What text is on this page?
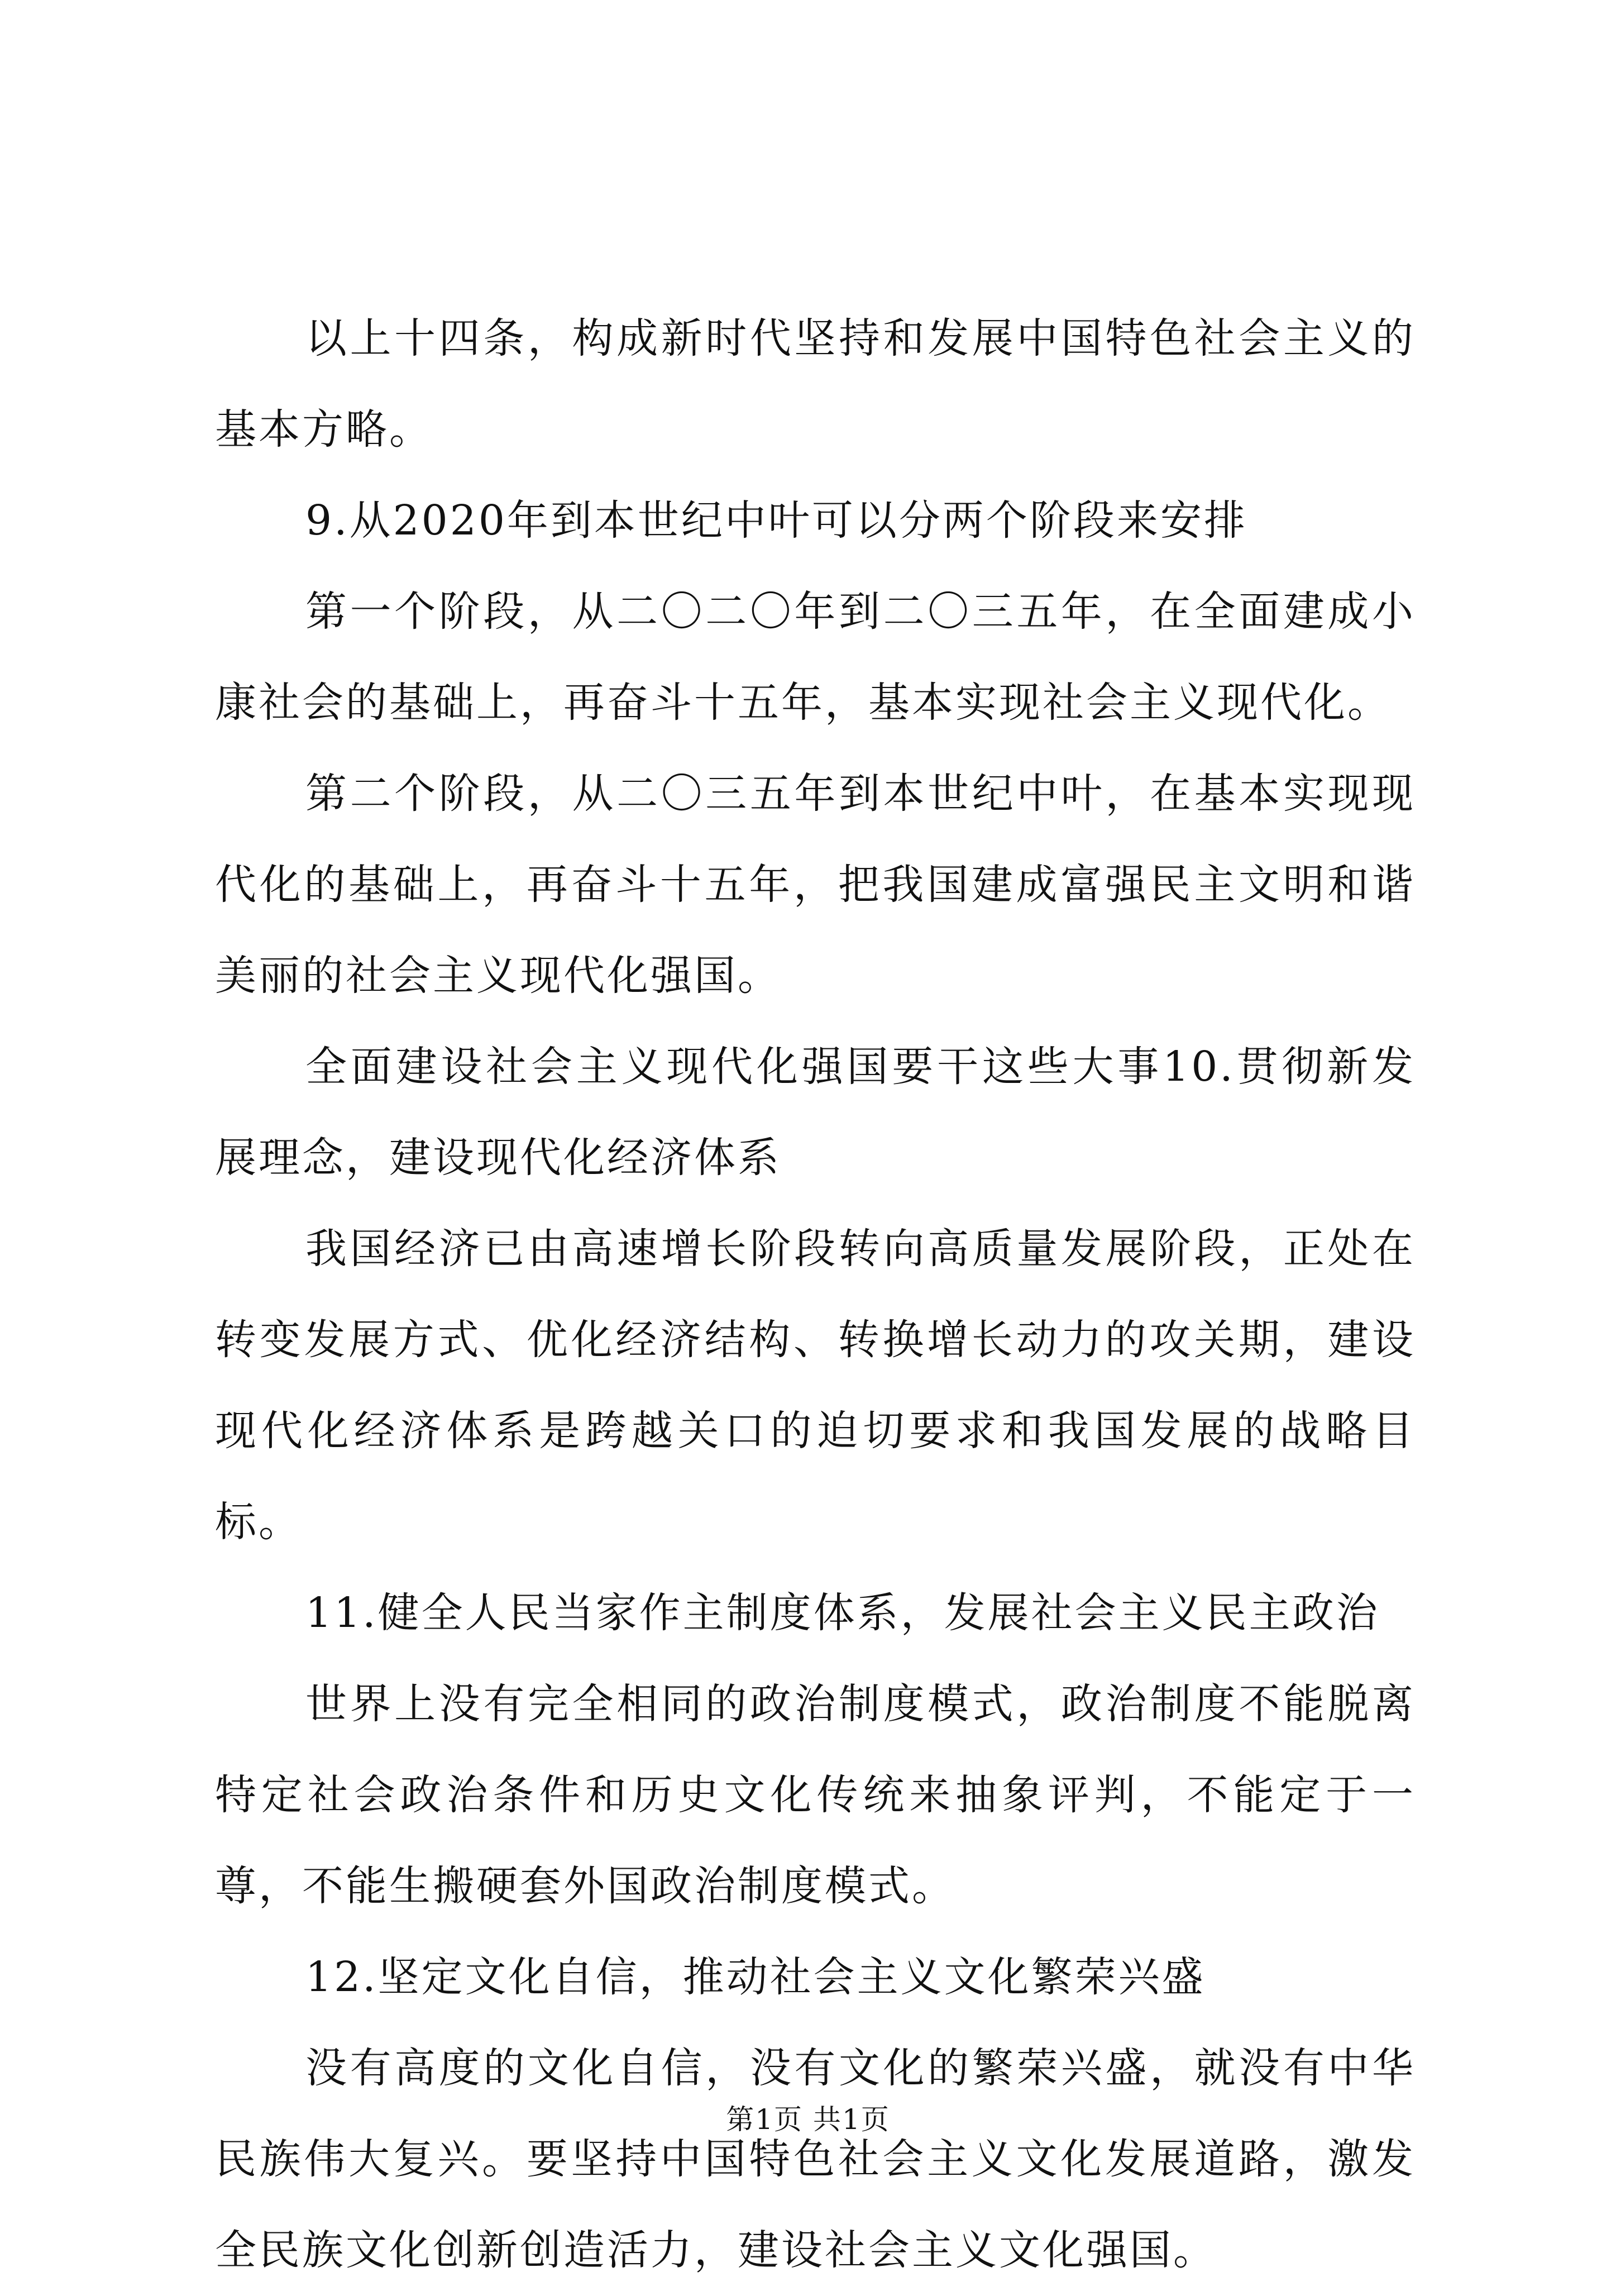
以上十四条，构成新时代坚持和发展中国特色社会主义的基本方略。

9.从2020年到本世纪中叶可以分两个阶段来安排

第一个阶段，从二〇二〇年到二〇三五年，在全面建成小康社会的基础上，再奋斗十五年，基本实现社会主义现代化。

第二个阶段，从二〇三五年到本世纪中叶，在基本实现现代化的基础上，再奋斗十五年，把我国建成富强民主文明和谐美丽的社会主义现代化强国。

全面建设社会主义现代化强国要干这些大事10.贯彻新发展理念，建设现代化经济体系

我国经济已由高速增长阶段转向高质量发展阶段，正处在转变发展方式、优化经济结构、转换增长动力的攻关期，建设现代化经济体系是跨越关口的迫切要求和我国发展的战略目标。

11.健全人民当家作主制度体系，发展社会主义民主政治

世界上没有完全相同的政治制度模式，政治制度不能脱离特定社会政治条件和历史文化传统来抽象评判，不能定于一尊，不能生搬硬套外国政治制度模式。

12.坚定文化自信，推动社会主义文化繁荣兴盛

没有高度的文化自信，没有文化的繁荣兴盛，就没有中华民族伟大复兴。要坚持中国特色社会主义文化发展道路，激发全民族文化创新创造活力，建设社会主义文化强国。

第1页 共1页
